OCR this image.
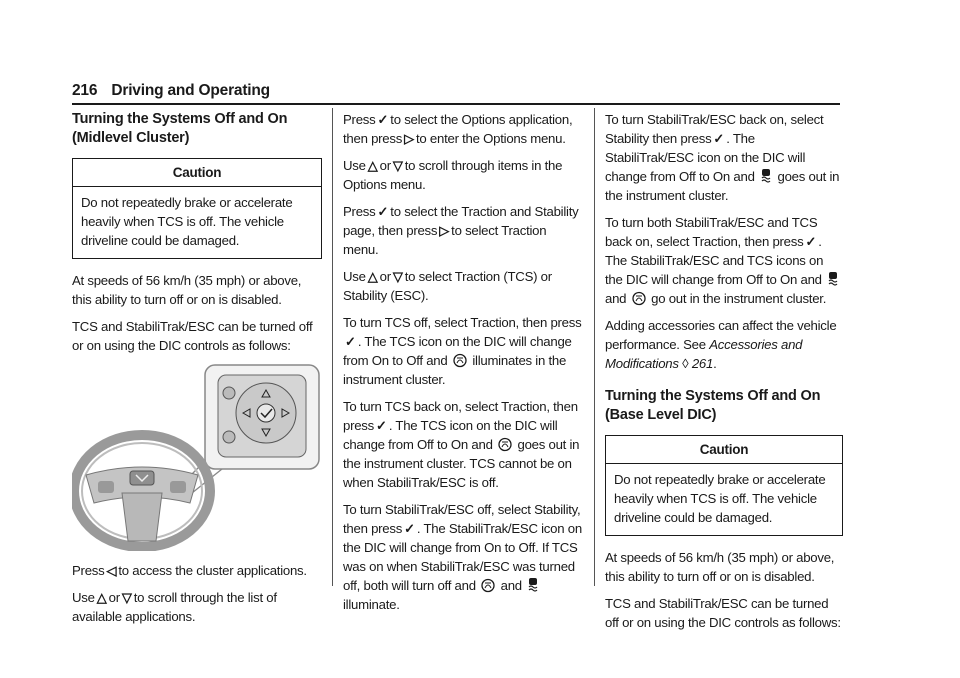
216 Driving and Operating
Turning the Systems Off and On (Midlevel Cluster)
Caution
Do not repeatedly brake or accelerate heavily when TCS is off. The vehicle driveline could be damaged.

At speeds of 56 km/h (35 mph) or above, this ability to turn off or on is disabled.

TCS and StabiliTrak/ESC can be turned off or on using the DIC controls as follows:

Press ◁ to access the cluster applications.

Use △ or ▽ to scroll through the list of available applications.

Press ✓ to select the Options application, then press ▷ to enter the Options menu.

Use △ or ▽ to scroll through items in the Options menu.

Press ✓ to select the Traction and Stability page, then press ▷ to select Traction menu.

Use △ or ▽ to select Traction (TCS) or Stability (ESC).

To turn TCS off, select Traction, then press✓ . The TCS icon on the DIC will change from On to Off and illuminates in the instrument cluster.

To turn TCS back on, select Traction, then press ✓ . The TCS icon on the DIC will change from Off to On and goes out in the instrument cluster. TCS cannot be on when StabiliTrak/ESC is off.

To turn StabiliTrak/ESC off, select Stability, then press ✓ . The StabiliTrak/ESC icon on the DIC will change from On to Off. If TCS was on when StabiliTrak/ESC was turned off, both will turn off and and  illuminate.

To turn StabiliTrak/ESC back on, select Stability then press ✓ . The StabiliTrak/ESC icon on the DIC will change from Off to On and goes out in the instrument cluster.

To turn both StabiliTrak/ESC and TCS back on, select Traction, then press ✓ . The StabiliTrak/ESC and TCS icons on the DIC will change from Off to On and  and go out in the instrument cluster.

Adding accessories can affect the vehicle performance. See Accessories and Modifications ◊ 261.

Turning the Systems Off and On (Base Level DIC)
Caution
Do not repeatedly brake or accelerate heavily when TCS is off. The vehicle driveline could be damaged.

At speeds of 56 km/h (35 mph) or above, this ability to turn off or on is disabled.

TCS and StabiliTrak/ESC can be turned off or on using the DIC controls as follows:
